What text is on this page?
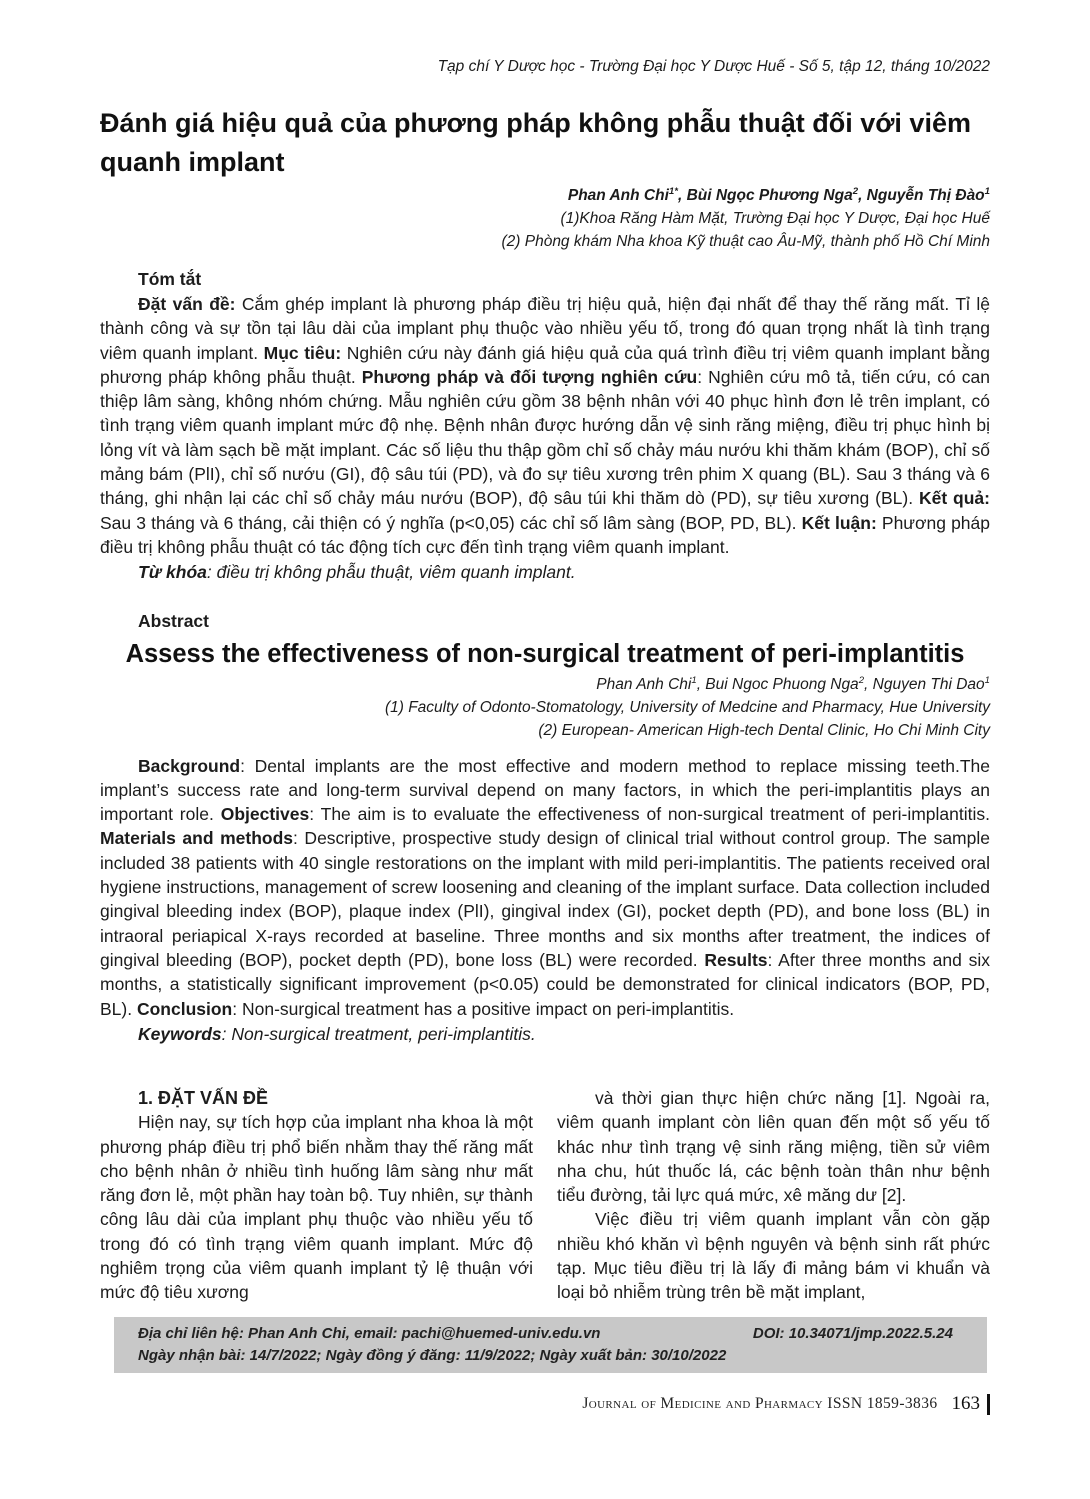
Tạp chí Y Dược học - Trường Đại học Y Dược Huế - Số 5, tập 12, tháng 10/2022
Đánh giá hiệu quả của phương pháp không phẫu thuật đối với viêm quanh implant
Phan Anh Chi$^{1*}$, Bùi Ngọc Phương Nga$^2$, Nguyễn Thị Đào$^1$
(1)Khoa Răng Hàm Mặt, Trường Đại học Y Dược, Đại học Huế
(2) Phòng khám Nha khoa Kỹ thuật cao Âu-Mỹ, thành phố Hồ Chí Minh
Tóm tắt

Đặt vấn đề: Cắm ghép implant là phương pháp điều trị hiệu quả, hiện đại nhất để thay thế răng mất. Tỉ lệ thành công và sự tồn tại lâu dài của implant phụ thuộc vào nhiều yếu tố, trong đó quan trọng nhất là tình trạng viêm quanh implant. Mục tiêu: Nghiên cứu này đánh giá hiệu quả của quá trình điều trị viêm quanh implant bằng phương pháp không phẫu thuật. Phương pháp và đối tượng nghiên cứu: Nghiên cứu mô tả, tiến cứu, có can thiệp lâm sàng, không nhóm chứng. Mẫu nghiên cứu gồm 38 bệnh nhân với 40 phục hình đơn lẻ trên implant, có tình trạng viêm quanh implant mức độ nhẹ. Bệnh nhân được hướng dẫn vệ sinh răng miệng, điều trị phục hình bị lỏng vít và làm sạch bề mặt implant. Các số liệu thu thập gồm chỉ số chảy máu nướu khi thăm khám (BOP), chỉ số mảng bám (PlI), chỉ số nướu (GI), độ sâu túi (PD), và đo sự tiêu xương trên phim X quang (BL). Sau 3 tháng và 6 tháng, ghi nhận lại các chỉ số chảy máu nướu (BOP), độ sâu túi khi thăm dò (PD), sự tiêu xương (BL). Kết quả: Sau 3 tháng và 6 tháng, cải thiện có ý nghĩa (p<0,05) các chỉ số lâm sàng (BOP, PD, BL). Kết luận: Phương pháp điều trị không phẫu thuật có tác động tích cực đến tình trạng viêm quanh implant.

Từ khóa: điều trị không phẫu thuật, viêm quanh implant.

Abstract
Assess the effectiveness of non-surgical treatment of peri-implantitis
Phan Anh Chi$^1$, Bui Ngoc Phuong Nga$^2$, Nguyen Thi Dao$^1$
(1) Faculty of Odonto-Stomatology, University of Medcine and Pharmacy, Hue University
(2) European- American High-tech Dental Clinic, Ho Chi Minh City

Background: Dental implants are the most effective and modern method to replace missing teeth.The implant’s success rate and long-term survival depend on many factors, in which the peri-implantitis plays an important role. Objectives: The aim is to evaluate the effectiveness of non-surgical treatment of peri-implantitis. Materials and methods: Descriptive, prospective study design of clinical trial without control group. The sample included 38 patients with 40 single restorations on the implant with mild peri-implantitis. The patients received oral hygiene instructions, management of screw loosening and cleaning of the implant surface. Data collection included gingival bleeding index (BOP), plaque index (PlI), gingival index (GI), pocket depth (PD), and bone loss (BL) in intraoral periapical X-rays recorded at baseline. Three months and six months after treatment, the indices of gingival bleeding (BOP), pocket depth (PD), bone loss (BL) were recorded. Results: After three months and six months, a statistically significant improvement (p<0.05) could be demonstrated for clinical indicators (BOP, PD, BL). Conclusion: Non-surgical treatment has a positive impact on peri-implantitis.

Keywords: Non-surgical treatment, peri-implantitis.

1. ĐẶT VẤN ĐỀ

Hiện nay, sự tích hợp của implant nha khoa là một phương pháp điều trị phổ biến nhằm thay thế răng mất cho bệnh nhân ở nhiều tình huống lâm sàng như mất răng đơn lẻ, một phần hay toàn bộ. Tuy nhiên, sự thành công lâu dài của implant phụ thuộc vào nhiều yếu tố trong đó có tình trạng viêm quanh implant. Mức độ nghiêm trọng của viêm quanh implant tỷ lệ thuận với mức độ tiêu xương

và thời gian thực hiện chức năng [1]. Ngoài ra, viêm quanh implant còn liên quan đến một số yếu tố khác như tình trạng vệ sinh răng miệng, tiền sử viêm nha chu, hút thuốc lá, các bệnh toàn thân như bệnh tiểu đường, tải lực quá mức, xê măng dư [2].

Việc điều trị viêm quanh implant vẫn còn gặp nhiều khó khăn vì bệnh nguyên và bệnh sinh rất phức tạp. Mục tiêu điều trị là lấy đi mảng bám vi khuẩn và loại bỏ nhiễm trùng trên bề mặt implant,

Địa chỉ liên hệ: Phan Anh Chi, email: pachi@huemed-univ.edu.vn	DOI: 10.34071/jmp.2022.5.24
Ngày nhận bài: 14/7/2022; Ngày đồng ý đăng: 11/9/2022; Ngày xuất bản: 30/10/2022
Journal of Medicine and Pharmacy ISSN 1859-3836 163
